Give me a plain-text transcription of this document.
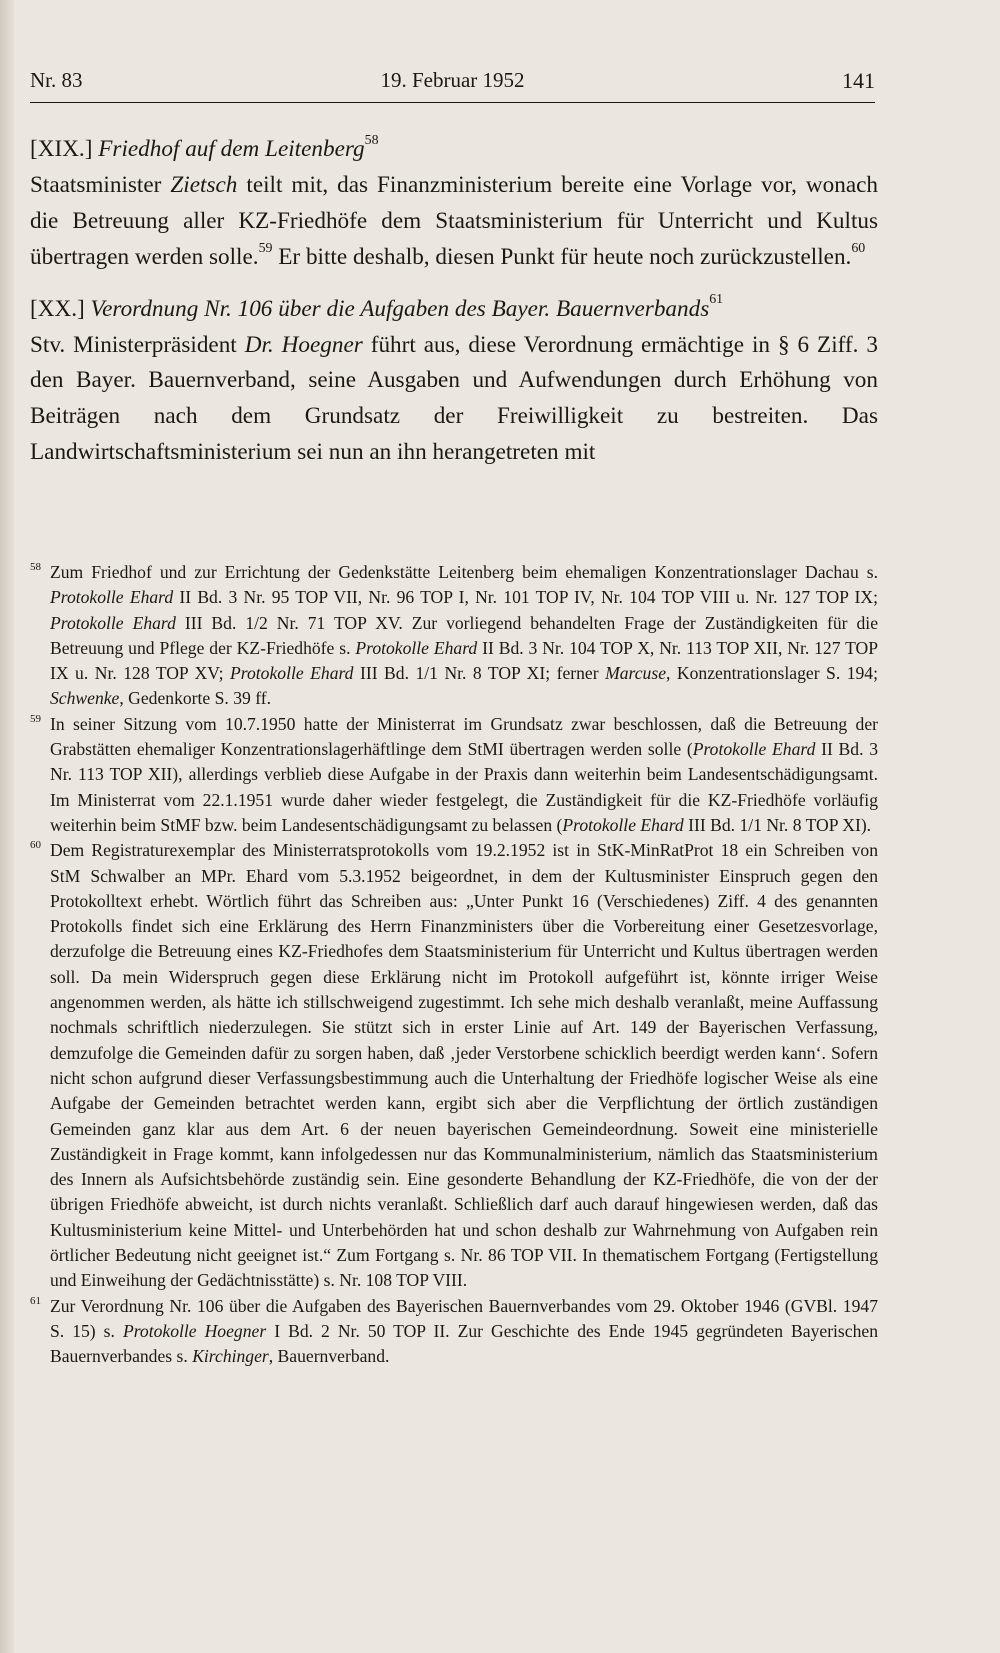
Nr. 83	19. Februar 1952	141

[XIX.] Friedhof auf dem Leitenberg$^{58}$

Staatsminister Zietsch teilt mit, das Finanzministerium bereite eine Vorlage vor, wonach die Betreuung aller KZ-Friedhöfe dem Staatsministerium für Unterricht und Kultus übertragen werden solle.$^{59}$ Er bitte deshalb, diesen Punkt für heute noch zurückzustellen.$^{60}$

[XX.] Verordnung Nr. 106 über die Aufgaben des Bayer. Bauernverbands$^{61}$

Stv. Ministerpräsident Dr. Hoegner führt aus, diese Verordnung ermächtige in § 6 Ziff. 3 den Bayer. Bauernverband, seine Ausgaben und Aufwendungen durch Erhöhung von Beiträgen nach dem Grundsatz der Freiwilligkeit zu bestreiten. Das Landwirtschaftsministerium sei nun an ihn herangetreten mit

58 Zum Friedhof und zur Errichtung der Gedenkstätte Leitenberg beim ehemaligen Konzentrationslager Dachau s. Protokolle Ehard II Bd. 3 Nr. 95 TOP VII, Nr. 96 TOP I, Nr. 101 TOP IV, Nr. 104 TOP VIII u. Nr. 127 TOP IX; Protokolle Ehard III Bd. 1/2 Nr. 71 TOP XV. Zur vorliegend behandelten Frage der Zuständigkeiten für die Betreuung und Pflege der KZ-Friedhöfe s. Protokolle Ehard II Bd. 3 Nr. 104 TOP X, Nr. 113 TOP XII, Nr. 127 TOP IX u. Nr. 128 TOP XV; Protokolle Ehard III Bd. 1/1 Nr. 8 TOP XI; ferner Marcuse, Konzentrationslager S. 194; Schwenke, Gedenkorte S. 39 ff.

59 In seiner Sitzung vom 10.7.1950 hatte der Ministerrat im Grundsatz zwar beschlossen, daß die Betreuung der Grabstätten ehemaliger Konzentrationslagerhäftlinge dem StMI übertragen werden solle (Protokolle Ehard II Bd. 3 Nr. 113 TOP XII), allerdings verblieb diese Aufgabe in der Praxis dann weiterhin beim Landesentschädigungsamt. Im Ministerrat vom 22.1.1951 wurde daher wieder festgelegt, die Zuständigkeit für die KZ-Friedhöfe vorläufig weiterhin beim StMF bzw. beim Landesentschädigungsamt zu belassen (Protokolle Ehard III Bd. 1/1 Nr. 8 TOP XI).

60 Dem Registraturexemplar des Ministerratsprotokolls vom 19.2.1952 ist in StK-MinRatProt 18 ein Schreiben von StM Schwalber an MPr. Ehard vom 5.3.1952 beigeordnet, in dem der Kultusminister Einspruch gegen den Protokolltext erhebt. Wörtlich führt das Schreiben aus: „Unter Punkt 16 (Verschiedenes) Ziff. 4 des genannten Protokolls findet sich eine Erklärung des Herrn Finanzministers über die Vorbereitung einer Gesetzesvorlage, derzufolge die Betreuung eines KZ-Friedhofes dem Staatsministerium für Unterricht und Kultus übertragen werden soll. Da mein Widerspruch gegen diese Erklärung nicht im Protokoll aufgeführt ist, könnte irriger Weise angenommen werden, als hätte ich stillschweigend zugestimmt. Ich sehe mich deshalb veranlaßt, meine Auffassung nochmals schriftlich niederzulegen. Sie stützt sich in erster Linie auf Art. 149 der Bayerischen Verfassung, demzufolge die Gemeinden dafür zu sorgen haben, daß ‚jeder Verstorbene schicklich beerdigt werden kann‘. Sofern nicht schon aufgrund dieser Verfassungsbestimmung auch die Unterhaltung der Friedhöfe logischer Weise als eine Aufgabe der Gemeinden betrachtet werden kann, ergibt sich aber die Verpflichtung der örtlich zuständigen Gemeinden ganz klar aus dem Art. 6 der neuen bayerischen Gemeindeordnung. Soweit eine ministerielle Zuständigkeit in Frage kommt, kann infolgedessen nur das Kommunalministerium, nämlich das Staatsministerium des Innern als Aufsichtsbehörde zuständig sein. Eine gesonderte Behandlung der KZ-Friedhöfe, die von der der übrigen Friedhöfe abweicht, ist durch nichts veranlaßt. Schließlich darf auch darauf hingewiesen werden, daß das Kultusministerium keine Mittel- und Unterbehörden hat und schon deshalb zur Wahrnehmung von Aufgaben rein örtlicher Bedeutung nicht geeignet ist.“ Zum Fortgang s. Nr. 86 TOP VII. In thematischem Fortgang (Fertigstellung und Einweihung der Gedächtnisstätte) s. Nr. 108 TOP VIII.

61 Zur Verordnung Nr. 106 über die Aufgaben des Bayerischen Bauernverbandes vom 29. Oktober 1946 (GVBl. 1947 S. 15) s. Protokolle Hoegner I Bd. 2 Nr. 50 TOP II. Zur Geschichte des Ende 1945 gegründeten Bayerischen Bauernverbandes s. Kirchinger, Bauernverband.
